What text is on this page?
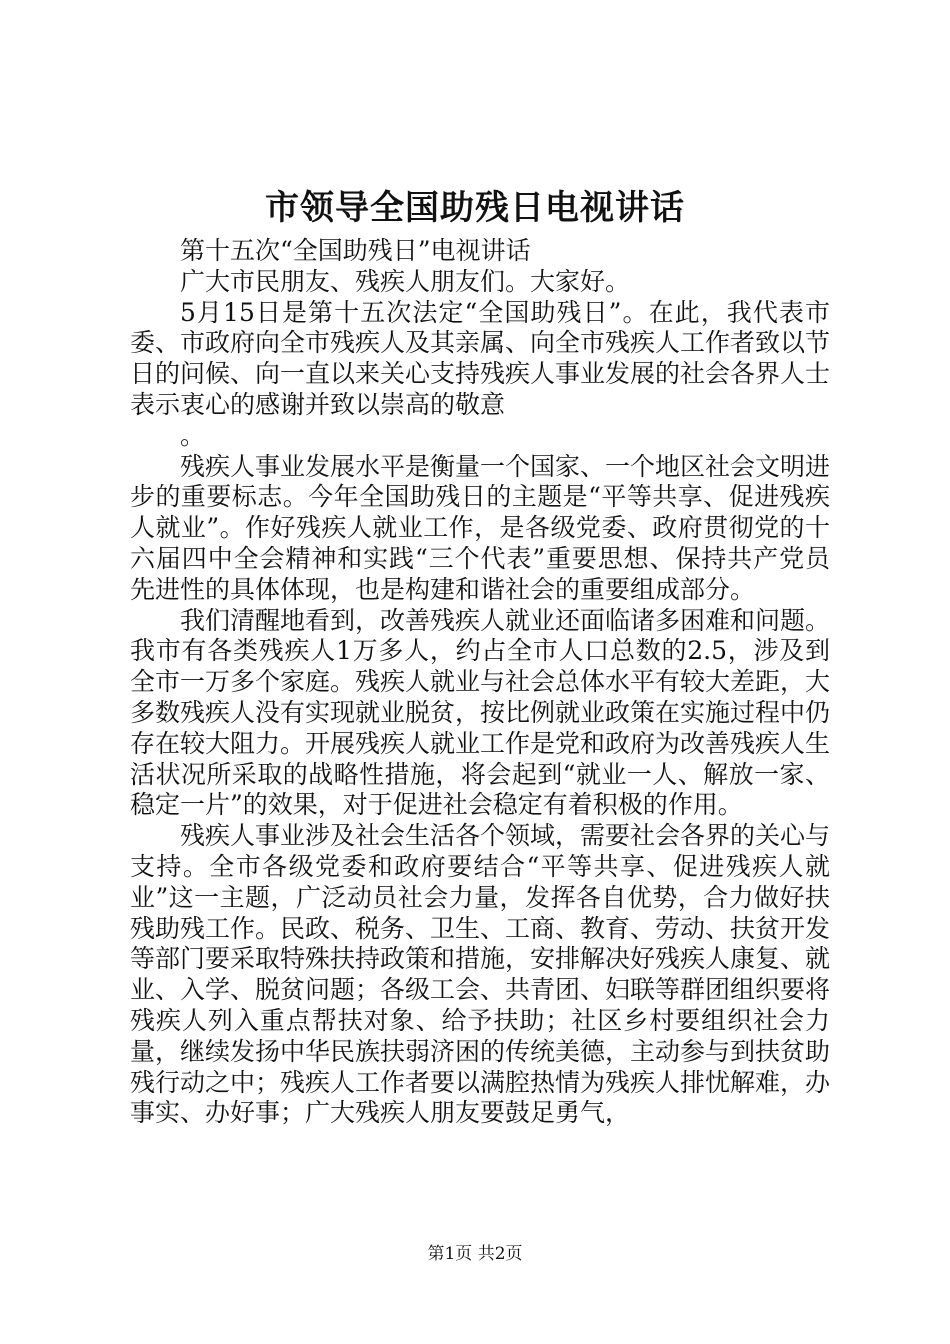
市领导全国助残日电视讲话

第十五次“全国助残日”电视讲话

广大市民朋友、残疾人朋友们。大家好。

5月15日是第十五次法定“全国助残日”。在此，我代表市委、市政府向全市残疾人及其亲属、向全市残疾人工作者致以节日的问候、向一直以来关心支持残疾人事业发展的社会各界人士表示衷心的感谢并致以崇高的敬意

。

残疾人事业发展水平是衡量一个国家、一个地区社会文明进步的重要标志。今年全国助残日的主题是“平等共享、促进残疾人就业”。作好残疾人就业工作，是各级党委、政府贯彻党的十六届四中全会精神和实践“三个代表”重要思想、保持共产党员先进性的具体体现，也是构建和谐社会的重要组成部分。

我们清醒地看到，改善残疾人就业还面临诸多困难和问题。我市有各类残疾人1万多人，约占全市人口总数的2.5，涉及到全市一万多个家庭。残疾人就业与社会总体水平有较大差距，大多数残疾人没有实现就业脱贫，按比例就业政策在实施过程中仍存在较大阻力。开展残疾人就业工作是党和政府为改善残疾人生活状况所采取的战略性措施，将会起到“就业一人、解放一家、稳定一片”的效果，对于促进社会稳定有着积极的作用。

残疾人事业涉及社会生活各个领域，需要社会各界的关心与支持。全市各级党委和政府要结合“平等共享、促进残疾人就业”这一主题，广泛动员社会力量，发挥各自优势，合力做好扶残助残工作。民政、税务、卫生、工商、教育、劳动、扶贫开发等部门要采取特殊扶持政策和措施，安排解决好残疾人康复、就业、入学、脱贫问题；各级工会、共青团、妇联等群团组织要将残疾人列入重点帮扶对象、给予扶助；社区乡村要组织社会力量，继续发扬中华民族扶弱济困的传统美德，主动参与到扶贫助残行动之中；残疾人工作者要以满腔热情为残疾人排忧解难，办事实、办好事；广大残疾人朋友要鼓足勇气，

第1页 共2页
